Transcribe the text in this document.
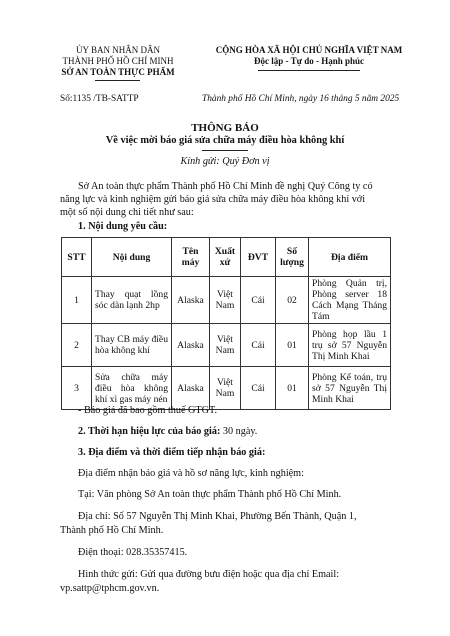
ỦY BAN NHÂN DÂN
THÀNH PHỐ HỒ CHÍ MINH
SỞ AN TOÀN THỰC PHẨM
CỘNG HÒA XÃ HỘI CHỦ NGHĨA VIỆT NAM
Độc lập - Tự do - Hạnh phúc
Số:1135 /TB-SATTP	Thành phố Hồ Chí Minh, ngày 16 tháng 5 năm 2025
THÔNG BÁO
Về việc mời báo giá sửa chữa máy điều hòa không khí
Kính gửi: Quý Đơn vị
Sở An toàn thực phẩm Thành phố Hồ Chí Minh đề nghị Quý Công ty có
năng lực và kinh nghiệm gửi báo giá sửa chữa máy điều hòa không khí với
một số nội dung chi tiết như sau:
1. Nội dung yêu cầu:
STT	Nội dung	Tên máy	Xuất xứ	ĐVT	Số lượng	Địa điểm
1	Thay quạt lồng sóc dàn lạnh 2hp	Alaska	Việt Nam	Cái	02	Phòng Quản trị, Phòng server 18 Cách Mạng Tháng Tám
2	Thay CB máy điều hòa không khí	Alaska	Việt Nam	Cái	01	Phòng họp lầu 1 trụ sở 57 Nguyễn Thị Minh Khai
3	Sửa chữa máy điều hòa không khí xì gas máy nén	Alaska	Việt Nam	Cái	01	Phòng Kế toán, trụ sở 57 Nguyễn Thị Minh Khai
- Báo giá đã bao gồm thuế GTGT.
2. Thời hạn hiệu lực của báo giá: 30 ngày.
3. Địa điểm và thời điểm tiếp nhận báo giá:
Địa điểm nhận báo giá và hồ sơ năng lực, kinh nghiệm:
Tại: Văn phòng Sở An toàn thực phẩm Thành phố Hồ Chí Minh.
Địa chỉ: Số 57 Nguyễn Thị Minh Khai, Phường Bến Thành, Quận 1,
Thành phố Hồ Chí Minh.
Điện thoại: 028.35357415.
Hình thức gửi: Gửi qua đường bưu điện hoặc qua địa chỉ Email:
vp.sattp@tphcm.gov.vn.
